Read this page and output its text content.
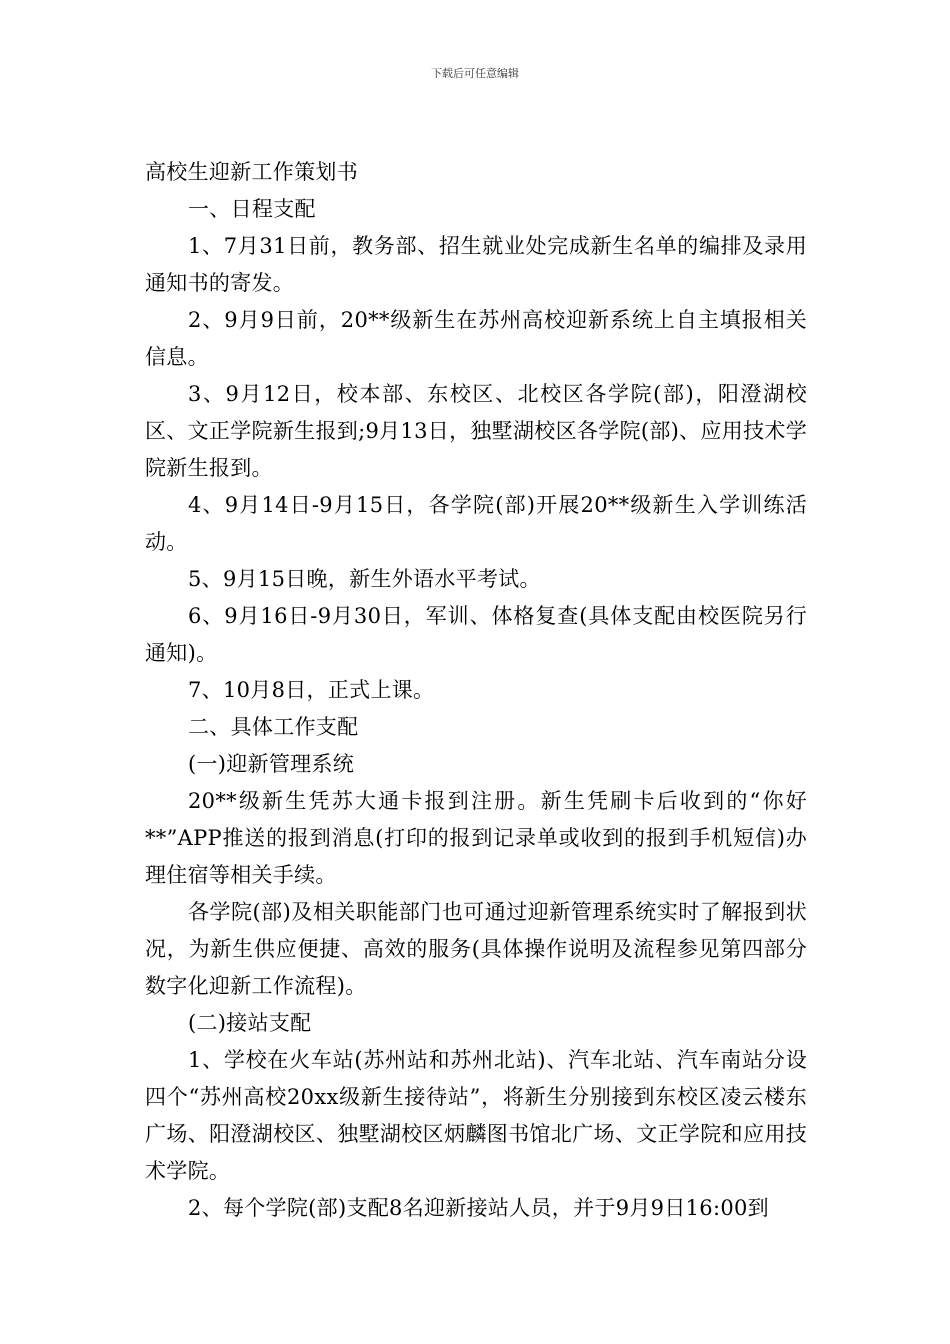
下载后可任意编辑

高校生迎新工作策划书

一、日程支配

1、7月31日前，教务部、招生就业处完成新生名单的编排及录用通知书的寄发。

2、9月9日前，20**级新生在苏州高校迎新系统上自主填报相关信息。

3、9月12日，校本部、东校区、北校区各学院(部)，阳澄湖校区、文正学院新生报到;9月13日，独墅湖校区各学院(部)、应用技术学院新生报到。

4、9月14日-9月15日，各学院(部)开展20**级新生入学训练活动。

5、9月15日晚，新生外语水平考试。

6、9月16日-9月30日，军训、体格复查(具体支配由校医院另行通知)。

7、10月8日，正式上课。

二、具体工作支配

(一)迎新管理系统

20**级新生凭苏大通卡报到注册。新生凭刷卡后收到的“你好**”APP推送的报到消息(打印的报到记录单或收到的报到手机短信)办理住宿等相关手续。

各学院(部)及相关职能部门也可通过迎新管理系统实时了解报到状况，为新生供应便捷、高效的服务(具体操作说明及流程参见第四部分数字化迎新工作流程)。

(二)接站支配

1、学校在火车站(苏州站和苏州北站)、汽车北站、汽车南站分设四个“苏州高校20xx级新生接待站”，将新生分别接到东校区凌云楼东广场、阳澄湖校区、独墅湖校区炳麟图书馆北广场、文正学院和应用技术学院。

2、每个学院(部)支配8名迎新接站人员，并于9月9日16:00到
